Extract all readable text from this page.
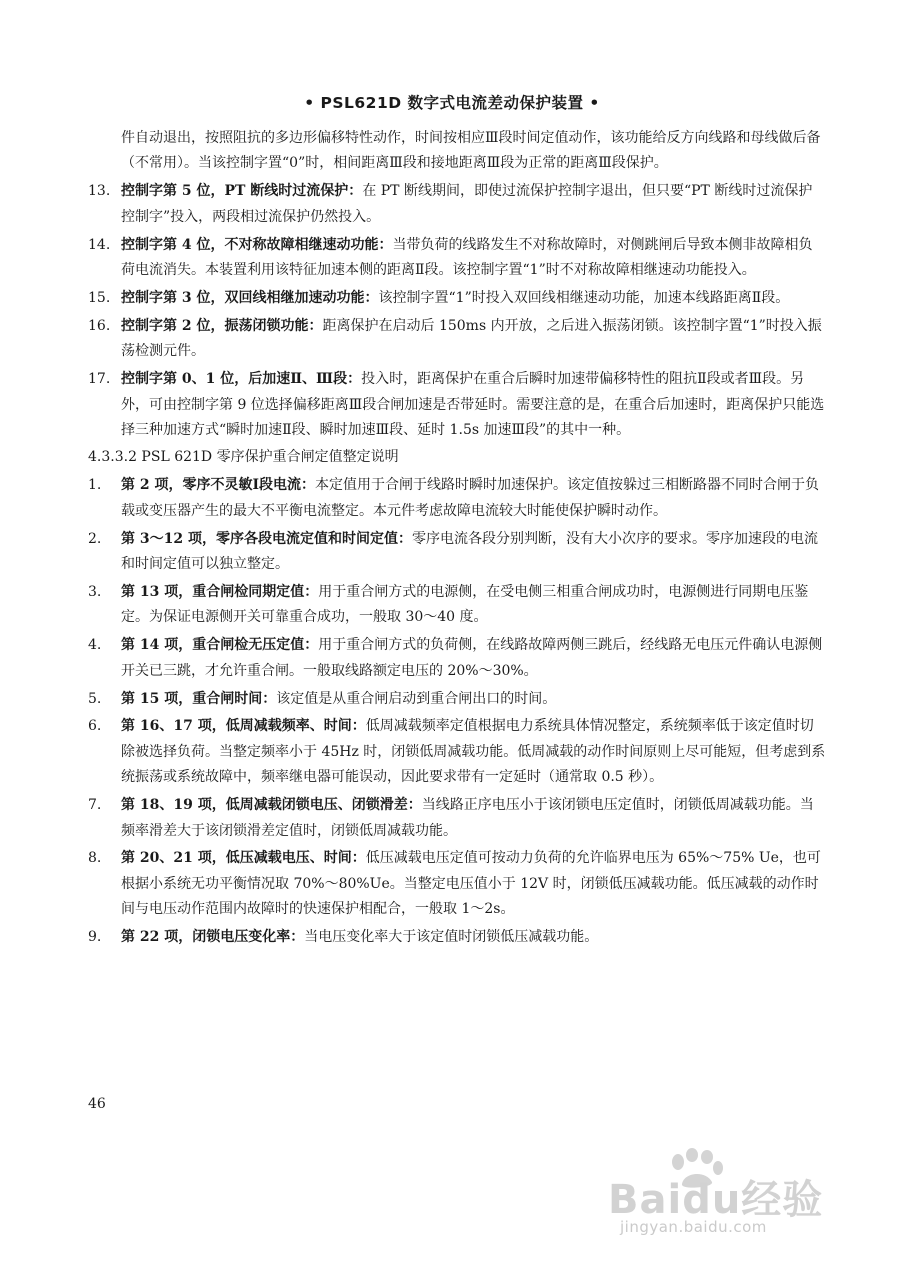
• PSL621D 数字式电流差动保护装置 •
件自动退出，按照阻抗的多边形偏移特性动作，时间按相应Ⅲ段时间定值动作，该功能给反方向线路和母线做后备（不常用）。当该控制字置“0”时，相间距离Ⅲ段和接地距离Ⅲ段为正常的距离Ⅲ段保护。
13. 控制字第 5 位，PT 断线时过流保护：在 PT 断线期间，即使过流保护控制字退出，但只要“PT 断线时过流保护控制字”投入，两段相过流保护仍然投入。
14. 控制字第 4 位，不对称故障相继速动功能：当带负荷的线路发生不对称故障时，对侧跳闸后导致本侧非故障相负荷电流消失。本装置利用该特征加速本侧的距离Ⅱ段。该控制字置“1”时不对称故障相继速动功能投入。
15. 控制字第 3 位，双回线相继加速动功能：该控制字置“1”时投入双回线相继速动功能，加速本线路距离Ⅱ段。
16. 控制字第 2 位，振荡闭锁功能：距离保护在启动后 150ms 内开放，之后进入振荡闭锁。该控制字置“1”时投入振荡检测元件。
17. 控制字第 0、1 位，后加速Ⅱ、Ⅲ段：投入时，距离保护在重合后瞬时加速带偏移特性的阻抗Ⅱ段或者Ⅲ段。另外，可由控制字第 9 位选择偏移距离Ⅲ段合闸加速是否带延时。需要注意的是，在重合后加速时，距离保护只能选择三种加速方式“瞬时加速Ⅱ段、瞬时加速Ⅲ段、延时 1.5s 加速Ⅲ段”的其中一种。
4.3.3.2 PSL 621D 零序保护重合闸定值整定说明
1.	第 2 项，零序不灵敏Ⅰ段电流：本定值用于合闸于线路时瞬时加速保护。该定值按躲过三相断路器不同时合闸于负载或变压器产生的最大不平衡电流整定。本元件考虑故障电流较大时能使保护瞬时动作。
2.	第 3～12 项，零序各段电流定值和时间定值：零序电流各段分别判断，没有大小次序的要求。零序加速段的电流和时间定值可以独立整定。
3.	第 13 项，重合闸检同期定值：用于重合闸方式的电源侧，在受电侧三相重合闸成功时，电源侧进行同期电压鉴定。为保证电源侧开关可靠重合成功，一般取 30～40 度。
4.	第 14 项，重合闸检无压定值：用于重合闸方式的负荷侧，在线路故障两侧三跳后，经线路无电压元件确认电源侧开关已三跳，才允许重合闸。一般取线路额定电压的 20%～30%。
5.	第 15 项，重合闸时间：该定值是从重合闸启动到重合闸出口的时间。
6.	第 16、17 项，低周减载频率、时间：低周减载频率定值根据电力系统具体情况整定，系统频率低于该定值时切除被选择负荷。当整定频率小于 45Hz 时，闭锁低周减载功能。低周减载的动作时间原则上尽可能短，但考虑到系统振荡或系统故障中，频率继电器可能误动，因此要求带有一定延时（通常取 0.5 秒）。
7.	第 18、19 项，低周减载闭锁电压、闭锁滑差：当线路正序电压小于该闭锁电压定值时，闭锁低周减载功能。当频率滑差大于该闭锁滑差定值时，闭锁低周减载功能。
8.	第 20、21 项，低压减载电压、时间：低压减载电压定值可按动力负荷的允许临界电压为 65%～75% Ue，也可根据小系统无功平衡情况取 70%～80%Ue。当整定电压值小于 12V 时，闭锁低压减载功能。低压减载的动作时间与电压动作范围内故障时的快速保护相配合，一般取 1～2s。
9.	第 22 项，闭锁电压变化率：当电压变化率大于该定值时闭锁低压减载功能。
46
Baidu经验
jingyan.baidu.com
